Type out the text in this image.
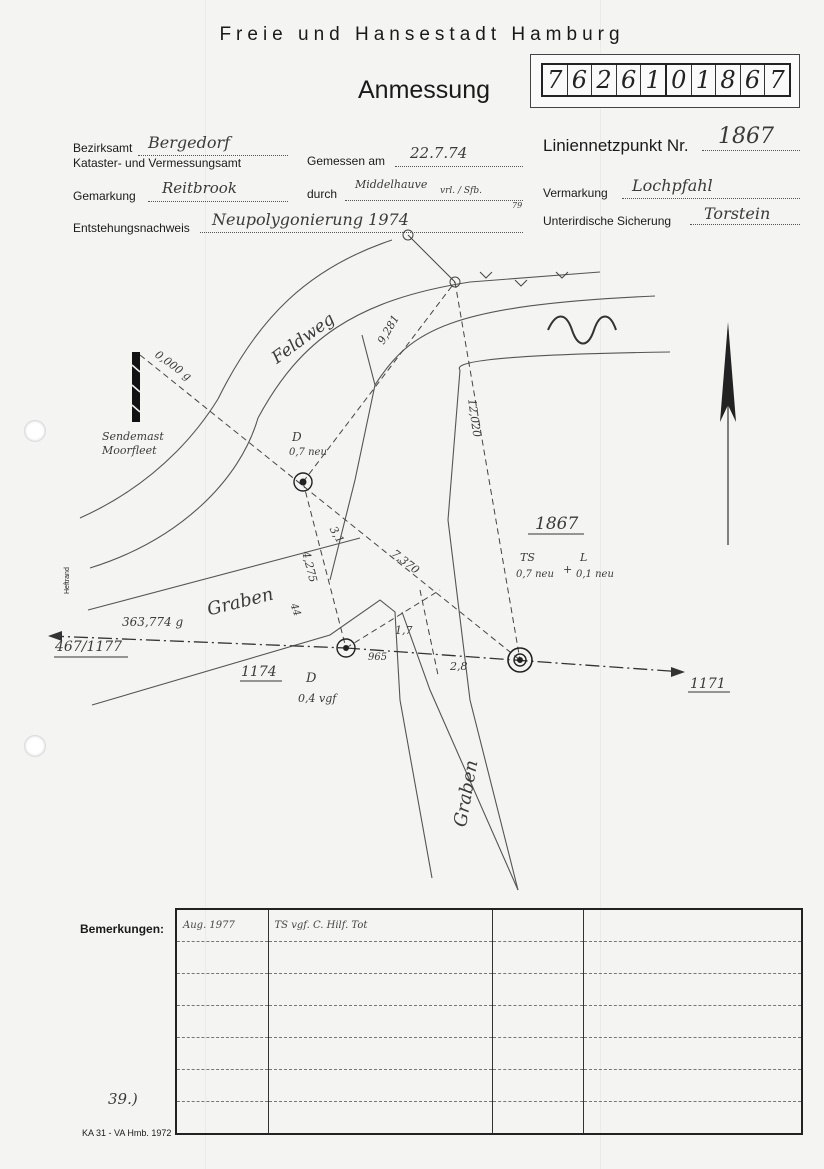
Freie und Hansestadt Hamburg
Anmessung 7 6 2 6 1 0 1 8 6 7
Bezirksamt Bergedorf
Kataster- und Vermessungsamt	Gemessen am 22.7.74	Liniennetzpunkt Nr. 1867
Gemarkung Reitbrook	durch
Middelhauve vrl. / Sfb.
79
Vermarkung Lochpfahl
Entstehungsnachweis Neupolygonierung 1974	Unterirdische Sicherung Torstein
Feldweg
Graben
Graben
Sendemast
Moorfleet
Heftrand
D
0,7 neu
D
0,4 vgf
1867
TS
0,7 neu +
L
0,1 neu
1174
467/1177
1171
363,774 g
0,000 g
12,020
9,281
7,370
4,275
3,1
1,7
2,8
965
44
Bemerkungen: Aug. 1977	TS vgf. C. Hilf. Tot		

39.)
KA 31 - VA Hmb. 1972
